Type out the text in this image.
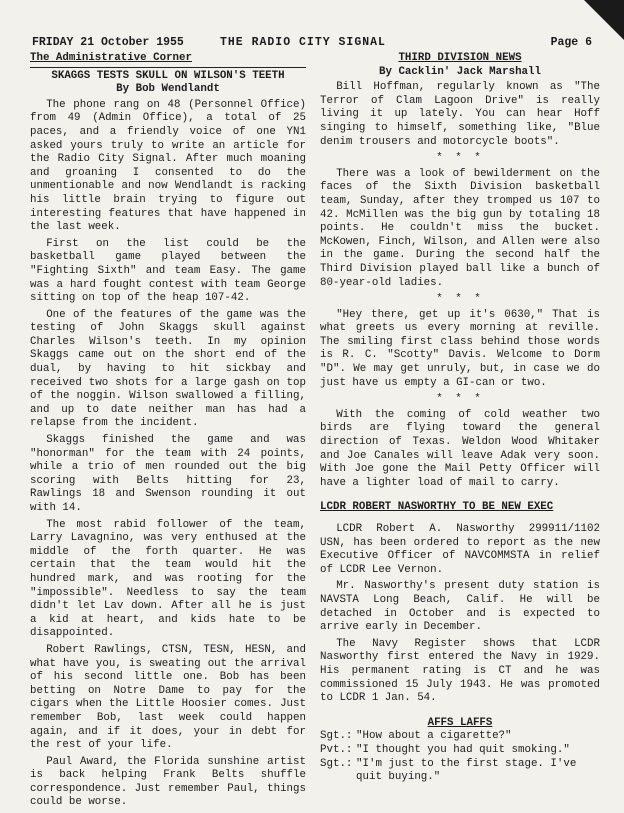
FRIDAY 21 October 1955	THE RADIO CITY SIGNAL	Page 6
The Administrative Corner
SKAGGS TESTS SKULL ON WILSON'S TEETH
By Bob Wendlandt

The phone rang on 48 (Personnel Office) from 49 (Admin Office), a total of 25 paces, and a friendly voice of one YN1 asked yours truly to write an article for the Radio City Signal. After much moaning and groaning I consented to do the unmentionable and now Wendlandt is racking his little brain trying to figure out interesting features that have happened in the last week.

First on the list could be the basketball game played between the "Fighting Sixth" and team Easy. The game was a hard fought contest with team George sitting on top of the heap 107-42.

One of the features of the game was the testing of John Skaggs skull against Charles Wilson's teeth. In my opinion Skaggs came out on the short end of the dual, by having to hit sickbay and received two shots for a large gash on top of the noggin. Wilson swallowed a filling, and up to date neither man has had a relapse from the incident.

Skaggs finished the game and was "honorman" for the team with 24 points, while a trio of men rounded out the big scoring with Belts hitting for 23, Rawlings 18 and Swenson rounding it out with 14.

The most rabid follower of the team, Larry Lavagnino, was very enthused at the middle of the forth quarter. He was certain that the team would hit the hundred mark, and was rooting for the "impossible". Needless to say the team didn't let Lav down. After all he is just a kid at heart, and kids hate to be disappointed.

Robert Rawlings, CTSN, TESN, HESN, and what have you, is sweating out the arrival of his second little one. Bob has been betting on Notre Dame to pay for the cigars when the Little Hoosier comes. Just remember Bob, last week could happen again, and if it does, your in debt for the rest of your life.

Paul Award, the Florida sunshine artist is back helping Frank Belts shuffle correspondence. Just remember Paul, things could be worse.

THIRD DIVISION NEWS
By Cacklin' Jack Marshall

Bill Hoffman, regularly known as "The Terror of Clam Lagoon Drive" is really living it up lately. You can hear Hoff singing to himself, something like, "Blue denim trousers and motorcycle boots".

* * *

There was a look of bewilderment on the faces of the Sixth Division basketball team, Sunday, after they tromped us 107 to 42. McMillen was the big gun by totaling 18 points. He couldn't miss the bucket. McKowen, Finch, Wilson, and Allen were also in the game. During the second half the Third Division played ball like a bunch of 80-year-old ladies.

* * *

"Hey there, get up it's 0630," That is what greets us every morning at reville. The smiling first class behind those words is R. C. "Scotty" Davis. Welcome to Dorm "D". We may get unruly, but, in case we do just have us empty a GI-can or two.

* * *

With the coming of cold weather two birds are flying toward the general direction of Texas. Weldon Wood Whitaker and Joe Canales will leave Adak very soon. With Joe gone the Mail Petty Officer will have a lighter load of mail to carry.

LCDR ROBERT NASWORTHY TO BE NEW EXEC

LCDR Robert A. Nasworthy 299911/1102 USN, has been ordered to report as the new Executive Officer of NAVCOMMSTA in relief of LCDR Lee Vernon.

Mr. Nasworthy's present duty station is NAVSTA Long Beach, Calif. He will be detached in October and is expected to arrive early in December.

The Navy Register shows that LCDR Nasworthy first entered the Navy in 1929. His permanent rating is CT and he was commissioned 15 July 1943. He was promoted to LCDR 1 Jan. 54.

AFFS LAFFS
Sgt.: "How about a cigarette?"
Pvt.: "I thought you had quit smoking."
Sgt.: "I'm just to the first stage. I've quit buying."
